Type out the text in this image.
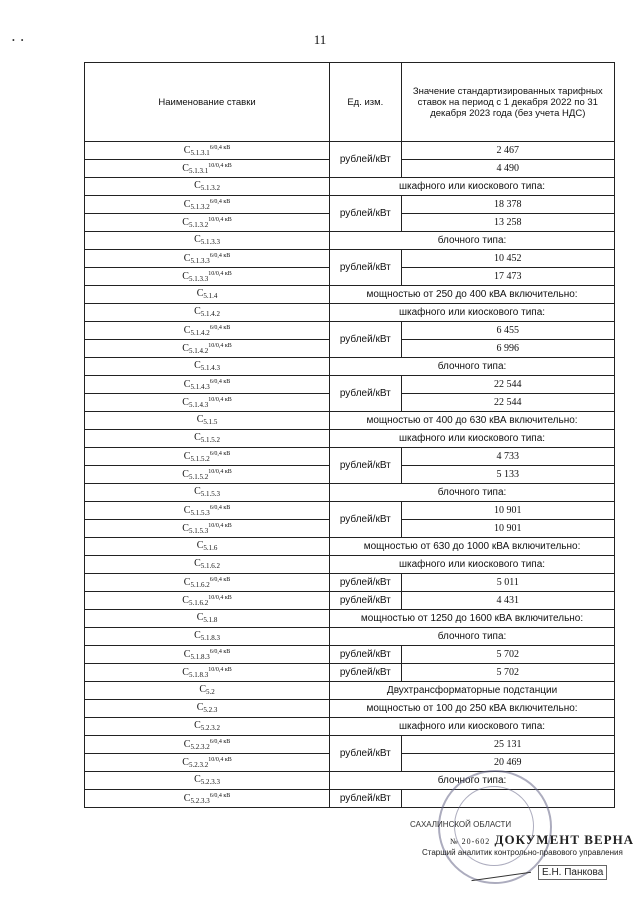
•   •	11
Наименование ставки	Ед. изм.	Значение стандартизированных тарифных ставок на период с 1 декабря 2022 по 31 декабря 2023 года (без учета НДС)
$С_{5.1.3.1}^{6/0,4 кВ}$	рублей/кВт	2 467
$С_{5.1.3.1}^{10/0,4 кВ}$		4 490
$С_{5.1.3.2}$	шкафного или киоскового типа:	
$С_{5.1.3.2}^{6/0,4 кВ}$	рублей/кВт	18 378
$С_{5.1.3.2}^{10/0,4 кВ}$		13 258
$С_{5.1.3.3}$	блочного типа:	
$С_{5.1.3.3}^{6/0,4 кВ}$	рублей/кВт	10 452
$С_{5.1.3.3}^{10/0,4 кВ}$		17 473
$С_{5.1.4}$	мощностью от 250 до 400 кВА включительно:	
$С_{5.1.4.2}$	шкафного или киоскового типа:	
$С_{5.1.4.2}^{6/0,4 кВ}$	рублей/кВт	6 455
$С_{5.1.4.2}^{10/0,4 кВ}$		6 996
$С_{5.1.4.3}$	блочного типа:	
$С_{5.1.4.3}^{6/0,4 кВ}$	рублей/кВт	22 544
$С_{5.1.4.3}^{10/0,4 кВ}$		22 544
$С_{5.1.5}$	мощностью от 400 до 630 кВА включительно:	
$С_{5.1.5.2}$	шкафного или киоскового типа:	
$С_{5.1.5.2}^{6/0,4 кВ}$	рублей/кВт	4 733
$С_{5.1.5.2}^{10/0,4 кВ}$		5 133
$С_{5.1.5.3}$	блочного типа:	
$С_{5.1.5.3}^{6/0,4 кВ}$	рублей/кВт	10 901
$С_{5.1.5.3}^{10/0,4 кВ}$		10 901
$С_{5.1.6}$	мощностью от 630 до 1000 кВА включительно:	
$С_{5.1.6.2}$	шкафного или киоскового типа:	
$С_{5.1.6.2}^{6/0,4 кВ}$	рублей/кВт	5 011
$С_{5.1.6.2}^{10/0,4 кВ}$	рублей/кВт	4 431
$С_{5.1.8}$	мощностью от 1250 до 1600 кВА включительно:	
$С_{5.1.8.3}$	блочного типа:	
$С_{5.1.8.3}^{6/0,4 кВ}$	рублей/кВт	5 702
$С_{5.1.8.3}^{10/0,4 кВ}$	рублей/кВт	5 702
$С_{5.2}$	Двухтрансформаторные подстанции	
$С_{5.2.3}$	мощностью от 100 до 250 кВА включительно:	
$С_{5.2.3.2}$	шкафного или киоскового типа:	
$С_{5.2.3.2}^{6/0,4 кВ}$	рублей/кВт	25 131
$С_{5.2.3.2}^{10/0,4 кВ}$		20 469
$С_{5.2.3.3}$	блочного типа:	
$С_{5.2.3.3}^{6/0,4 кВ}$	рублей/кВт	
САХАЛИНСКОЙ ОБЛАСТИ
№ 20-602 ДОКУМЕНТ ВЕРНА
Старший аналитик контрольно-правового управления
Е.Н. Панкова
